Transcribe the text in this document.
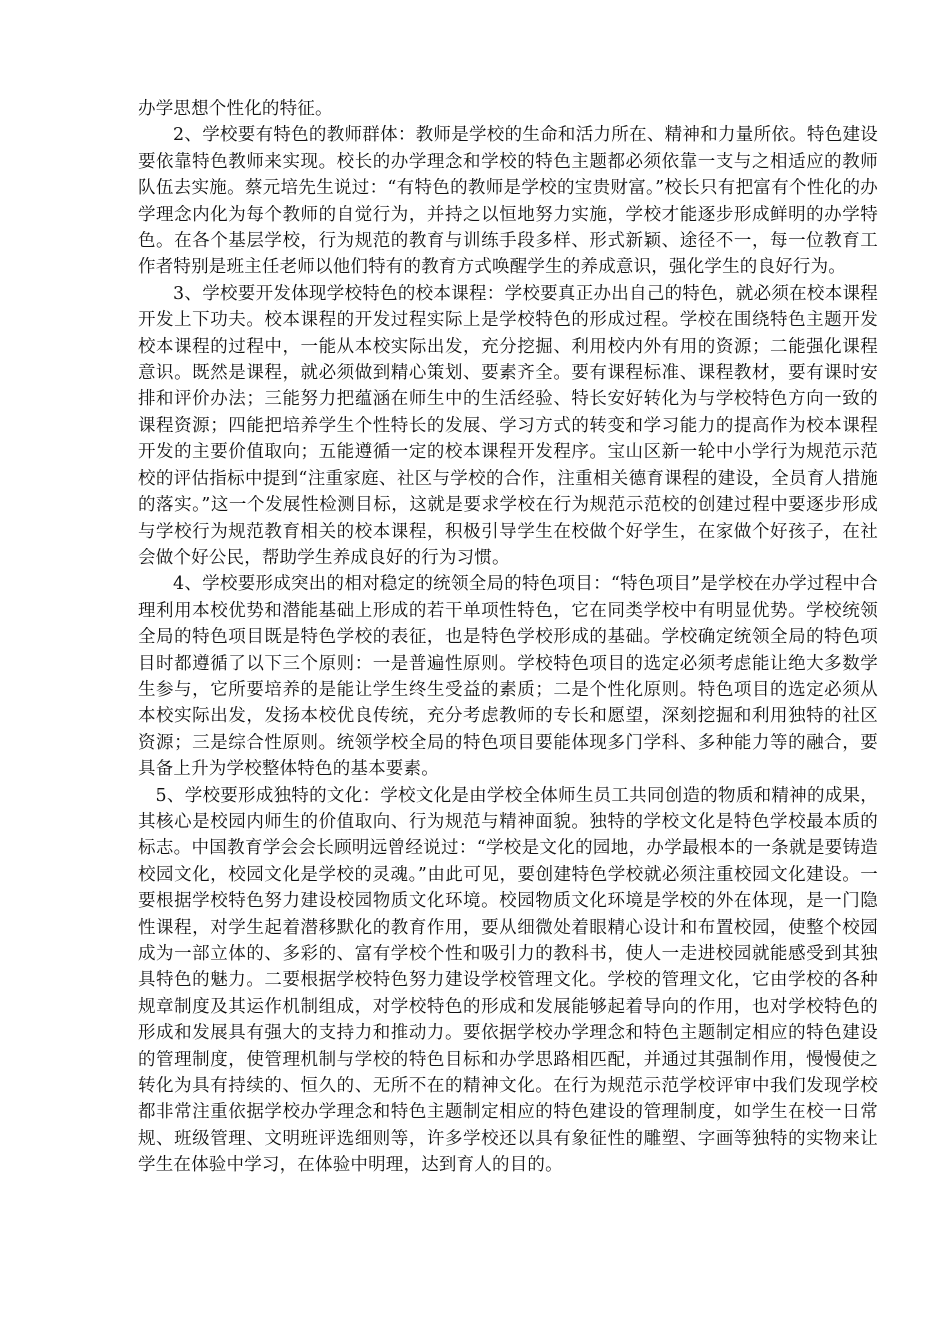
办学思想个性化的特征。

2、学校要有特色的教师群体：教师是学校的生命和活力所在、精神和力量所依。特色建设要依靠特色教师来实现。校长的办学理念和学校的特色主题都必须依靠一支与之相适应的教师队伍去实施。蔡元培先生说过：“有特色的教师是学校的宝贵财富。”校长只有把富有个性化的办学理念内化为每个教师的自觉行为，并持之以恒地努力实施，学校才能逐步形成鲜明的办学特色。在各个基层学校，行为规范的教育与训练手段多样、形式新颖、途径不一，每一位教育工作者特别是班主任老师以他们特有的教育方式唤醒学生的养成意识，强化学生的良好行为。

3、学校要开发体现学校特色的校本课程：学校要真正办出自己的特色，就必须在校本课程开发上下功夫。校本课程的开发过程实际上是学校特色的形成过程。学校在围绕特色主题开发校本课程的过程中，一能从本校实际出发，充分挖掘、利用校内外有用的资源；二能强化课程意识。既然是课程，就必须做到精心策划、要素齐全。要有课程标准、课程教材，要有课时安排和评价办法；三能努力把蕴涵在师生中的生活经验、特长安好转化为与学校特色方向一致的课程资源；四能把培养学生个性特长的发展、学习方式的转变和学习能力的提高作为校本课程开发的主要价值取向；五能遵循一定的校本课程开发程序。宝山区新一轮中小学行为规范示范校的评估指标中提到“注重家庭、社区与学校的合作，注重相关德育课程的建设，全员育人措施的落实。”这一个发展性检测目标，这就是要求学校在行为规范示范校的创建过程中要逐步形成与学校行为规范教育相关的校本课程，积极引导学生在校做个好学生，在家做个好孩子，在社会做个好公民，帮助学生养成良好的行为习惯。

4、学校要形成突出的相对稳定的统领全局的特色项目：“特色项目”是学校在办学过程中合理利用本校优势和潜能基础上形成的若干单项性特色，它在同类学校中有明显优势。学校统领全局的特色项目既是特色学校的表征，也是特色学校形成的基础。学校确定统领全局的特色项目时都遵循了以下三个原则：一是普遍性原则。学校特色项目的选定必须考虑能让绝大多数学生参与，它所要培养的是能让学生终生受益的素质；二是个性化原则。特色项目的选定必须从本校实际出发，发扬本校优良传统，充分考虑教师的专长和愿望，深刻挖掘和利用独特的社区资源；三是综合性原则。统领学校全局的特色项目要能体现多门学科、多种能力等的融合，要具备上升为学校整体特色的基本要素。

5、学校要形成独特的文化：学校文化是由学校全体师生员工共同创造的物质和精神的成果，其核心是校园内师生的价值取向、行为规范与精神面貌。独特的学校文化是特色学校最本质的标志。中国教育学会会长顾明远曾经说过：“学校是文化的园地，办学最根本的一条就是要铸造校园文化，校园文化是学校的灵魂。”由此可见，要创建特色学校就必须注重校园文化建设。一要根据学校特色努力建设校园物质文化环境。校园物质文化环境是学校的外在体现，是一门隐性课程，对学生起着潜移默化的教育作用，要从细微处着眼精心设计和布置校园，使整个校园成为一部立体的、多彩的、富有学校个性和吸引力的教科书，使人一走进校园就能感受到其独具特色的魅力。二要根据学校特色努力建设学校管理文化。学校的管理文化，它由学校的各种规章制度及其运作机制组成，对学校特色的形成和发展能够起着导向的作用，也对学校特色的形成和发展具有强大的支持力和推动力。要依据学校办学理念和特色主题制定相应的特色建设的管理制度，使管理机制与学校的特色目标和办学思路相匹配，并通过其强制作用，慢慢使之转化为具有持续的、恒久的、无所不在的精神文化。在行为规范示范学校评审中我们发现学校都非常注重依据学校办学理念和特色主题制定相应的特色建设的管理制度，如学生在校一日常规、班级管理、文明班评选细则等，许多学校还以具有象征性的雕塑、字画等独特的实物来让学生在体验中学习，在体验中明理，达到育人的目的。
